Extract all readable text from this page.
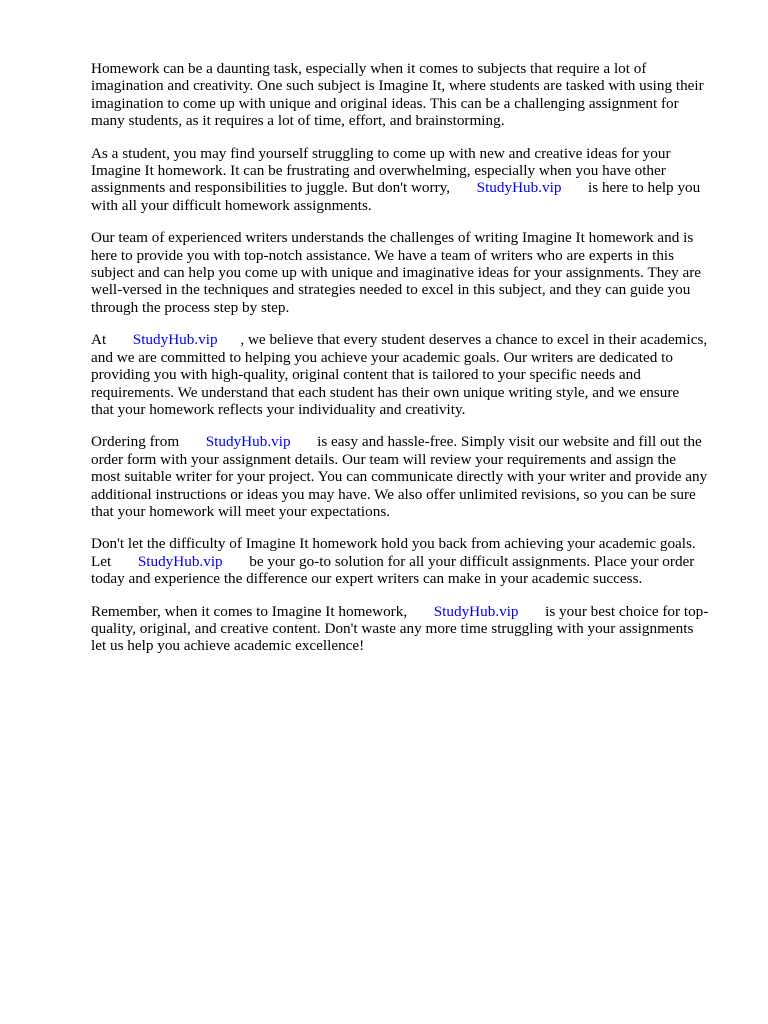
Homework can be a daunting task, especially when it comes to subjects that require a lot of
imagination and creativity. One such subject is Imagine It, where students are tasked with using their
imagination to come up with unique and original ideas. This can be a challenging assignment for
many students, as it requires a lot of time, effort, and brainstorming.

As a student, you may find yourself struggling to come up with new and creative ideas for your
Imagine It homework. It can be frustrating and overwhelming, especially when you have other
assignments and responsibilities to juggle. But don't worry,       StudyHub.vip       is here to help you
with all your difficult homework assignments.

Our team of experienced writers understands the challenges of writing Imagine It homework and is
here to provide you with top-notch assistance. We have a team of writers who are experts in this
subject and can help you come up with unique and imaginative ideas for your assignments. They are
well-versed in the techniques and strategies needed to excel in this subject, and they can guide you
through the process step by step.

At       StudyHub.vip      , we believe that every student deserves a chance to excel in their academics,
and we are committed to helping you achieve your academic goals. Our writers are dedicated to
providing you with high-quality, original content that is tailored to your specific needs and
requirements. We understand that each student has their own unique writing style, and we ensure
that your homework reflects your individuality and creativity.

Ordering from       StudyHub.vip       is easy and hassle-free. Simply visit our website and fill out the
order form with your assignment details. Our team will review your requirements and assign the
most suitable writer for your project. You can communicate directly with your writer and provide any
additional instructions or ideas you may have. We also offer unlimited revisions, so you can be sure
that your homework will meet your expectations.

Don't let the difficulty of Imagine It homework hold you back from achieving your academic goals.
Let       StudyHub.vip       be your go-to solution for all your difficult assignments. Place your order
today and experience the difference our expert writers can make in your academic success.

Remember, when it comes to Imagine It homework,       StudyHub.vip       is your best choice for top-
quality, original, and creative content. Don't waste any more time struggling with your assignments
let us help you achieve academic excellence!
